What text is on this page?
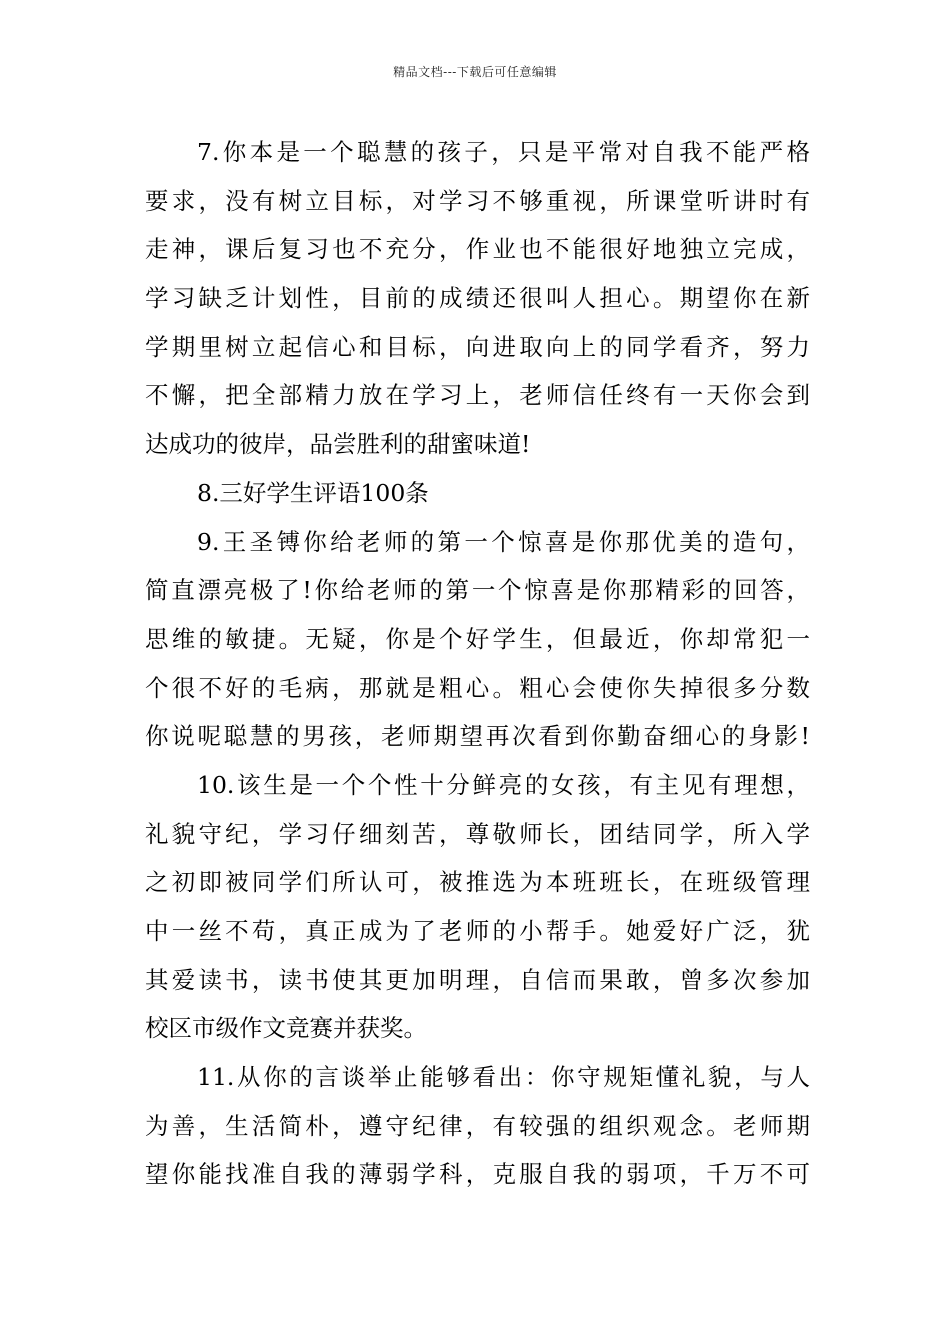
精品文档---下载后可任意编辑
7.你本是一个聪慧的孩子，只是平常对自我不能严格
要求，没有树立目标，对学习不够重视，所课堂听讲时有
走神，课后复习也不充分，作业也不能很好地独立完成，
学习缺乏计划性，目前的成绩还很叫人担心。期望你在新
学期里树立起信心和目标，向进取向上的同学看齐，努力
不懈，把全部精力放在学习上，老师信任终有一天你会到
达成功的彼岸，品尝胜利的甜蜜味道!
8.三好学生评语100条
9.王圣镈你给老师的第一个惊喜是你那优美的造句，
简直漂亮极了!你给老师的第一个惊喜是你那精彩的回答，
思维的敏捷。无疑，你是个好学生，但最近，你却常犯一
个很不好的毛病，那就是粗心。粗心会使你失掉很多分数
你说呢聪慧的男孩，老师期望再次看到你勤奋细心的身影!
10.该生是一个个性十分鲜亮的女孩，有主见有理想，
礼貌守纪，学习仔细刻苦，尊敬师长，团结同学，所入学
之初即被同学们所认可，被推选为本班班长，在班级管理
中一丝不苟，真正成为了老师的小帮手。她爱好广泛，犹
其爱读书，读书使其更加明理，自信而果敢，曾多次参加
校区市级作文竞赛并获奖。
11.从你的言谈举止能够看出：你守规矩懂礼貌，与人
为善，生活简朴，遵守纪律，有较强的组织观念。老师期
望你能找准自我的薄弱学科，克服自我的弱项，千万不可
